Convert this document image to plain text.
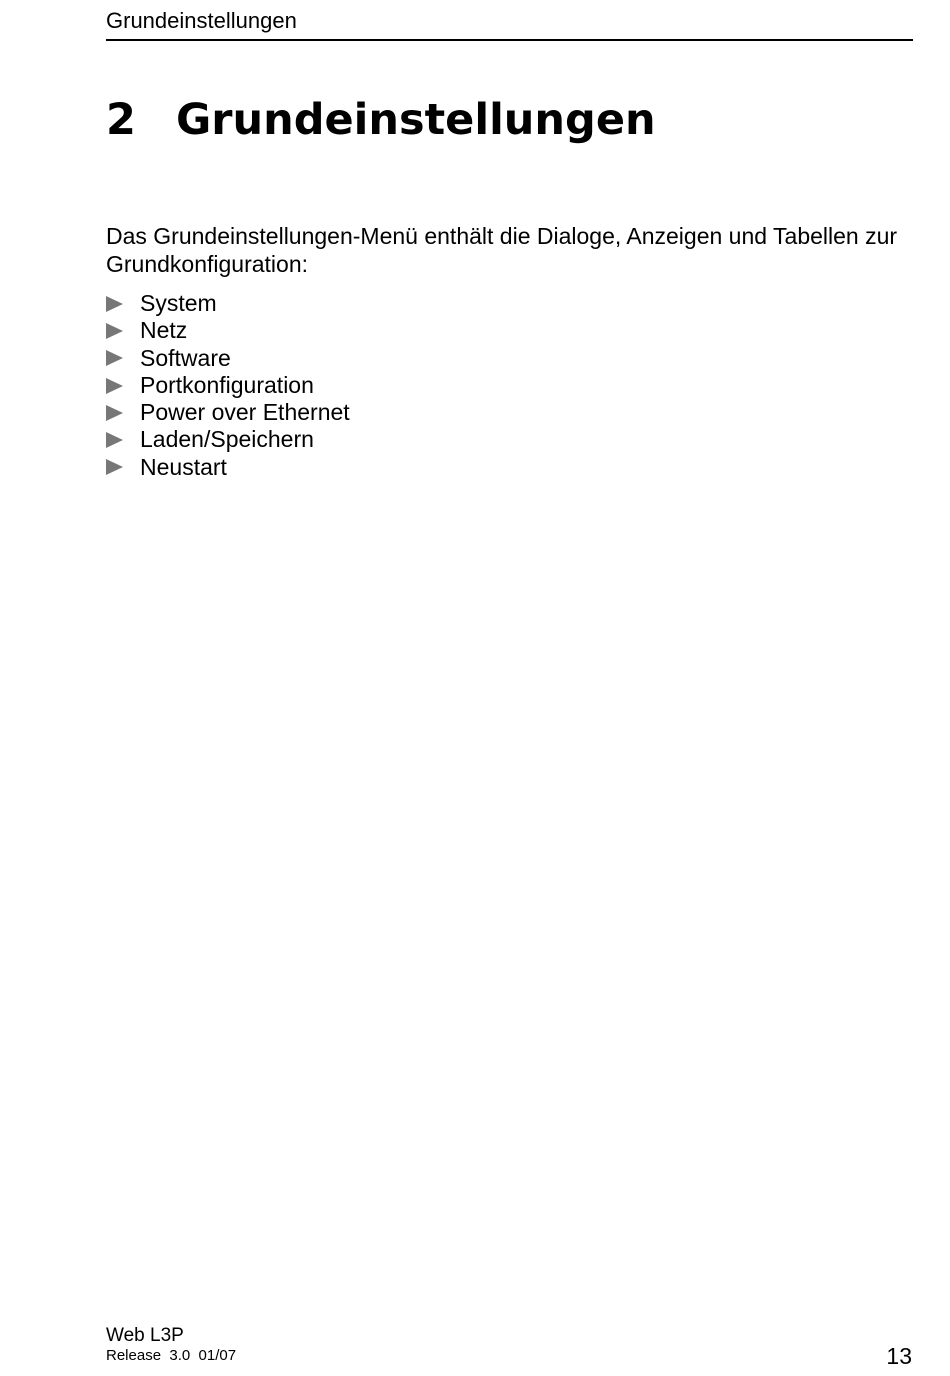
Grundeinstellungen
2 Grundeinstellungen

Das Grundeinstellungen-Menü enthält die Dialoge, Anzeigen und Tabellen zur Grundkonfiguration:

System
Netz
Software
Portkonfiguration
Power over Ethernet
Laden/Speichern
Neustart
Web L3P
Release  3.0  01/07	13
